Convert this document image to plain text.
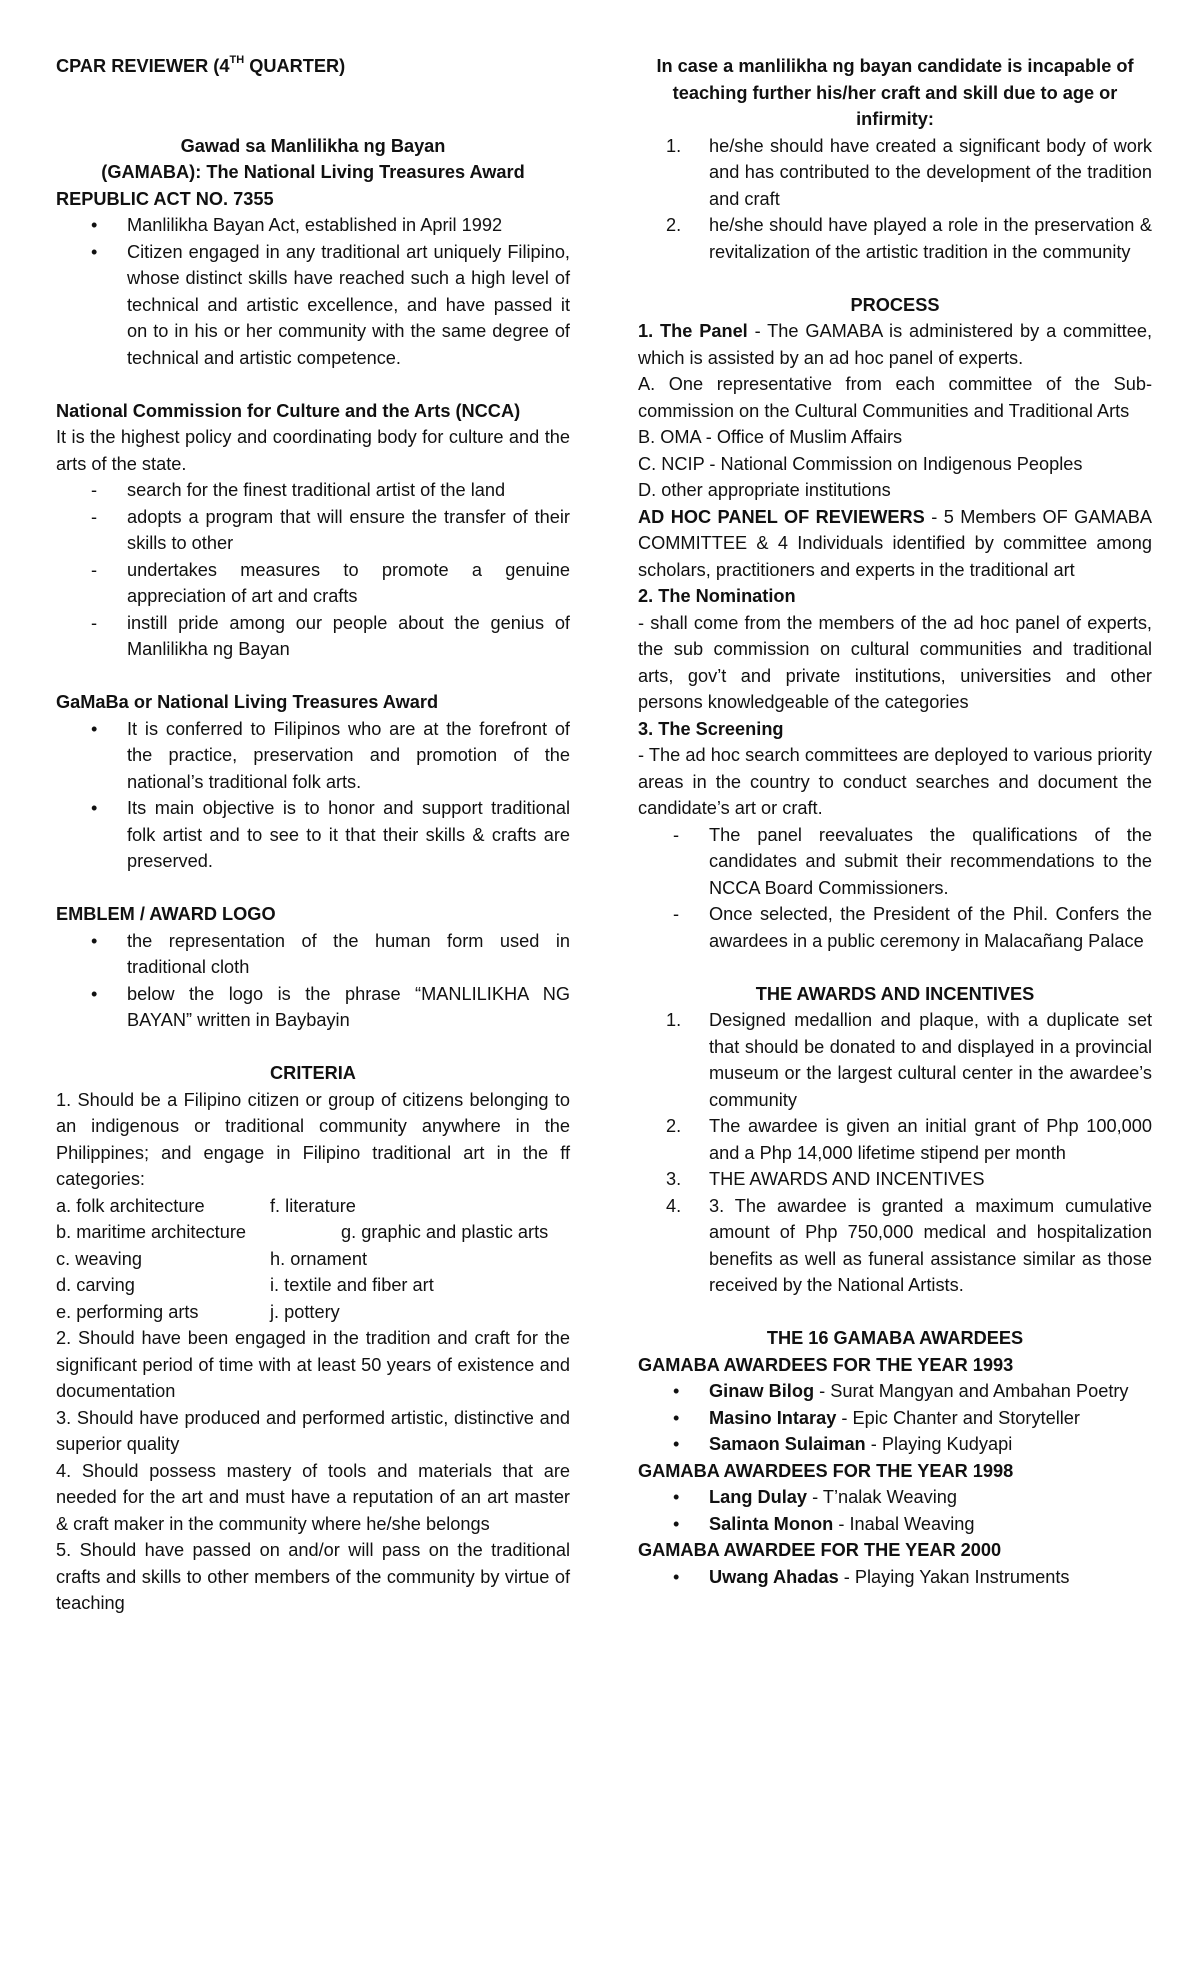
CPAR REVIEWER (4TH QUARTER)

Gawad sa Manlilikha ng Bayan

(GAMABA): The National Living Treasures Award

REPUBLIC ACT NO. 7355

•	Manlilikha Bayan Act, established in April 1992
•	Citizen engaged in any traditional art uniquely Filipino, whose distinct skills have reached such a high level of technical and artistic excellence, and have passed it on to in his or her community with the same degree of technical and artistic competence.

National Commission for Culture and the Arts (NCCA)

It is the highest policy and coordinating body for culture and the arts of the state.

-	search for the finest traditional artist of the land
-	adopts a program that will ensure the transfer of their skills to other
-	undertakes measures to promote a genuine appreciation of art and crafts
-	instill pride among our people about the genius of Manlilikha ng Bayan

GaMaBa or National Living Treasures Award

•	It is conferred to Filipinos who are at the forefront of the practice, preservation and promotion of the national’s traditional folk arts.
•	Its main objective is to honor and support traditional folk artist and to see to it that their skills & crafts are preserved.

EMBLEM / AWARD LOGO

•	the representation of the human form used in traditional cloth
•	below the logo is the phrase “MANLILIKHA NG BAYAN” written in Baybayin

CRITERIA

1. Should be a Filipino citizen or group of citizens belonging to an indigenous or traditional community anywhere in the Philippines; and engage in Filipino traditional art in the ff categories:

a. folk architecture	f. literature
b. maritime architecture	g. graphic and plastic arts
c. weaving	h. ornament
d. carving	i. textile and fiber art
e. performing arts	j. pottery

2. Should have been engaged in the tradition and craft for the significant period of time with at least 50 years of existence and documentation

3. Should have produced and performed artistic, distinctive and superior quality

4. Should possess mastery of tools and materials that are needed for the art and must have a reputation of an art master & craft maker in the community where he/she belongs

5. Should have passed on and/or will pass on the traditional crafts and skills to other members of the community by virtue of teaching

In case a manlilikha ng bayan candidate is incapable of teaching further his/her craft and skill due to age or infirmity:

1. he/she should have created a significant body of work and has contributed to the development of the tradition and craft
2. he/she should have played a role in the preservation & revitalization of the artistic tradition in the community

PROCESS

1. The Panel - The GAMABA is administered by a committee, which is assisted by an ad hoc panel of experts.

A. One representative from each committee of the Sub-commission on the Cultural Communities and Traditional Arts

B. OMA - Office of Muslim Affairs

C. NCIP - National Commission on Indigenous Peoples

D. other appropriate institutions

AD HOC PANEL OF REVIEWERS - 5 Members OF GAMABA COMMITTEE & 4 Individuals identified by committee among scholars, practitioners and experts in the traditional art

2. The Nomination

- shall come from the members of the ad hoc panel of experts, the sub commission on cultural communities and traditional arts, gov’t and private institutions, universities and other persons knowledgeable of the categories

3. The Screening

- The ad hoc search committees are deployed to various priority areas in the country to conduct searches and document the candidate’s art or craft.

-	The panel reevaluates the qualifications of the candidates and submit their recommendations to the NCCA Board Commissioners.
-	Once selected, the President of the Phil. Confers the awardees in a public ceremony in Malacañang Palace

THE AWARDS AND INCENTIVES

1. Designed medallion and plaque, with a duplicate set that should be donated to and displayed in a provincial museum or the largest cultural center in the awardee’s community
2. The awardee is given an initial grant of Php 100,000 and a Php 14,000 lifetime stipend per month
3. THE AWARDS AND INCENTIVES
4. 3. The awardee is granted a maximum cumulative amount of Php 750,000 medical and hospitalization benefits as well as funeral assistance similar as those received by the National Artists.

THE 16 GAMABA AWARDEES

GAMABA AWARDEES FOR THE YEAR 1993

• Ginaw Bilog - Surat Mangyan and Ambahan Poetry
• Masino Intaray - Epic Chanter and Storyteller
• Samaon Sulaiman - Playing Kudyapi

GAMABA AWARDEES FOR THE YEAR 1998

• Lang Dulay - T’nalak Weaving
• Salinta Monon - Inabal Weaving

GAMABA AWARDEE FOR THE YEAR 2000

• Uwang Ahadas - Playing Yakan Instruments
